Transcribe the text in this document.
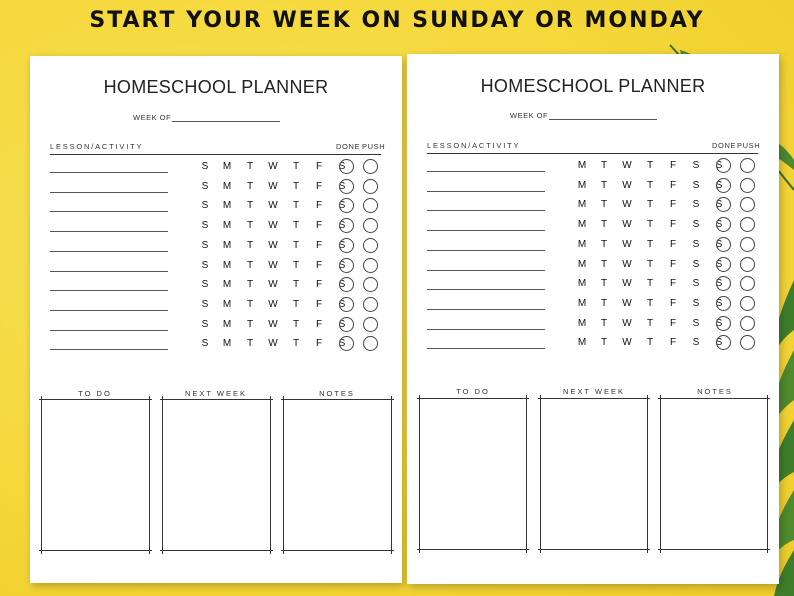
START YOUR WEEK ON SUNDAY OR MONDAY
HOMESCHOOL PLANNER
WEEK OF
LESSON/ACTIVITY	DONE PUSH
S M T W T F S
S M T W T F S
S M T W T F S
S M T W T F S
S M T W T F S
S M T W T F S
S M T W T F S
S M T W T F S
S M T W T F S
S M T W T F S
TO DO	NEXT WEEK	NOTES
HOMESCHOOL PLANNER
WEEK OF
LESSON/ACTIVITY	DONE PUSH
M T W T F S S
M T W T F S S
M T W T F S S
M T W T F S S
M T W T F S S
M T W T F S S
M T W T F S S
M T W T F S S
M T W T F S S
M T W T F S S
TO DO	NEXT WEEK	NOTES
